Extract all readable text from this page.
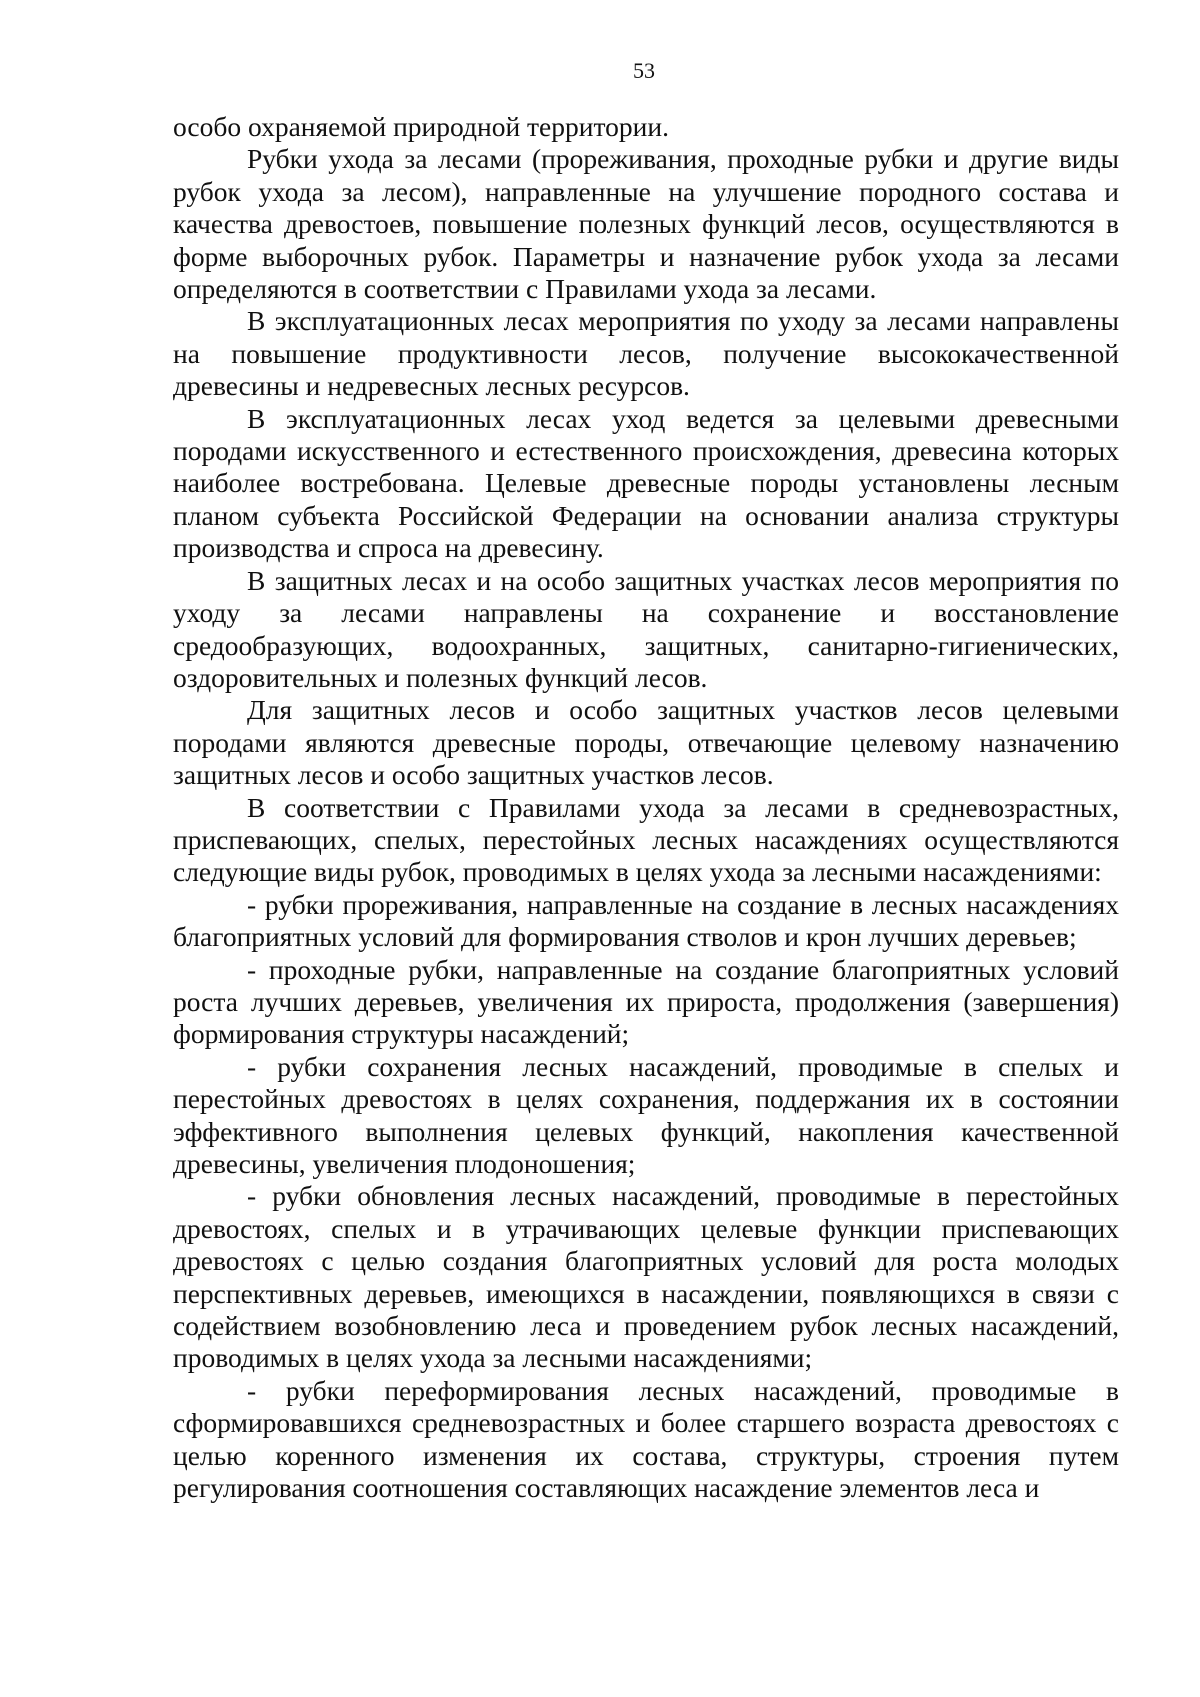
53

особо охраняемой природной территории.

Рубки ухода за лесами (прореживания, проходные рубки и другие виды рубок ухода за лесом), направленные на улучшение породного состава и качества древостоев, повышение полезных функций лесов, осуществляются в форме выборочных рубок. Параметры и назначение рубок ухода за лесами определяются в соответствии с Правилами ухода за лесами.

В эксплуатационных лесах мероприятия по уходу за лесами направлены на повышение продуктивности лесов, получение высококачественной древесины и недревесных лесных ресурсов.

В эксплуатационных лесах уход ведется за целевыми древесными породами искусственного и естественного происхождения, древесина которых наиболее востребована. Целевые древесные породы установлены лесным планом субъекта Российской Федерации на основании анализа структуры производства и спроса на древесину.

В защитных лесах и на особо защитных участках лесов мероприятия по уходу за лесами направлены на сохранение и восстановление средообразующих, водоохранных, защитных, санитарно-гигиенических, оздоровительных и полезных функций лесов.

Для защитных лесов и особо защитных участков лесов целевыми породами являются древесные породы, отвечающие целевому назначению защитных лесов и особо защитных участков лесов.

В соответствии с Правилами ухода за лесами в средневозрастных, приспевающих, спелых, перестойных лесных насаждениях осуществляются следующие виды рубок, проводимых в целях ухода за лесными насаждениями:

- рубки прореживания, направленные на создание в лесных насаждениях благоприятных условий для формирования стволов и крон лучших деревьев;

- проходные рубки, направленные на создание благоприятных условий роста лучших деревьев, увеличения их прироста, продолжения (завершения) формирования структуры насаждений;

- рубки сохранения лесных насаждений, проводимые в спелых и перестойных древостоях в целях сохранения, поддержания их в состоянии эффективного выполнения целевых функций, накопления качественной древесины, увеличения плодоношения;

- рубки обновления лесных насаждений, проводимые в перестойных древостоях, спелых и в утрачивающих целевые функции приспевающих древостоях с целью создания благоприятных условий для роста молодых перспективных деревьев, имеющихся в насаждении, появляющихся в связи с содействием возобновлению леса и проведением рубок лесных насаждений, проводимых в целях ухода за лесными насаждениями;

- рубки переформирования лесных насаждений, проводимые в сформировавшихся средневозрастных и более старшего возраста древостоях с целью коренного изменения их состава, структуры, строения путем регулирования соотношения составляющих насаждение элементов леса и
